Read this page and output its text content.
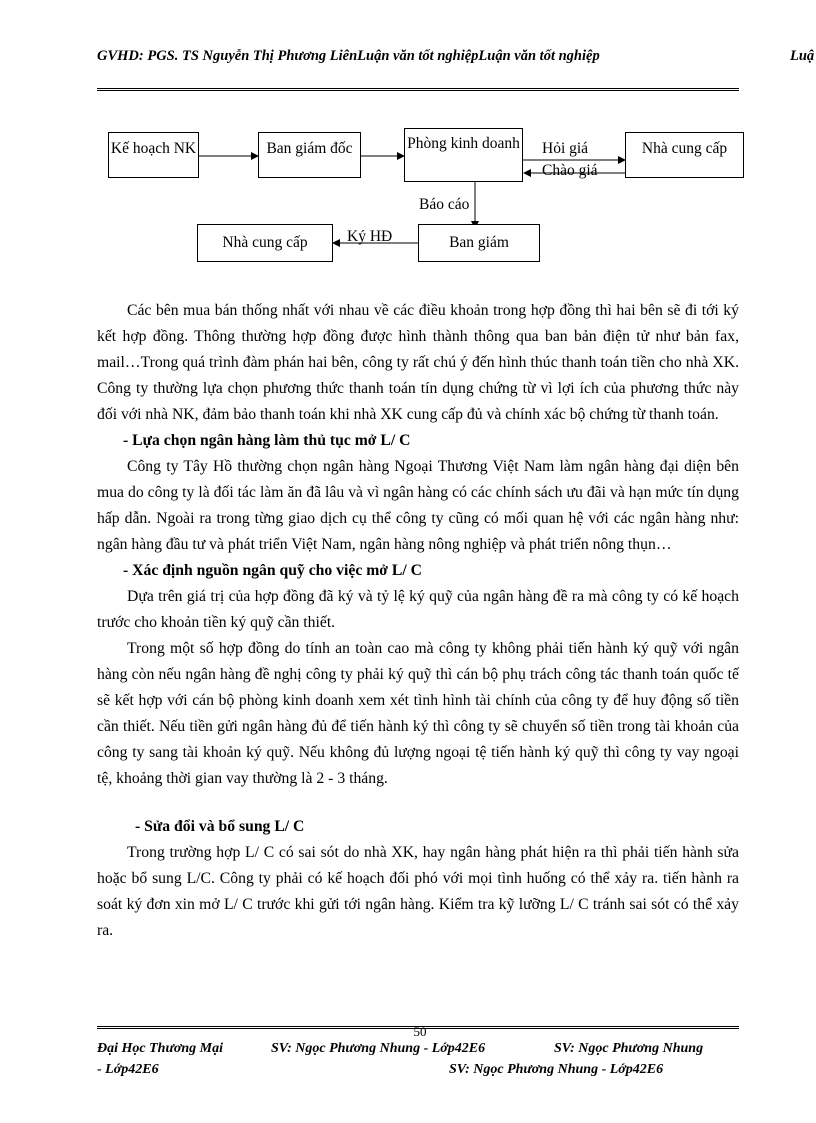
GVHD: PGS. TS Nguyễn Thị Phương LiênLuận văn tốt nghiệpLuận văn tốt nghiệp	Luậ
Kế hoạch NK	Ban giám đốc	Phòng kinh doanh	Nhà cung cấp
Nhà cung cấp	Ban giám
Hỏi giá
Chào giá
Báo cáo
Ký HĐ

Các bên mua bán thống nhất với nhau về các điều khoản trong hợp đồng thì hai bên sẽ đi tới ký kết hợp đồng. Thông thường hợp đồng được hình thành thông qua ban bản điện tử như bản fax, mail…Trong quá trình đàm phán hai bên, công ty rất chú ý đến hình thúc thanh toán tiền cho nhà XK. Công ty thường lựa chọn phương thức thanh toán tín dụng chứng từ vì lợi ích của phương thức này đối với nhà NK, đảm bảo thanh toán khi nhà XK cung cấp đủ và chính xác bộ chứng từ thanh toán.

- Lựa chọn ngân hàng làm thủ tục mở L/ C

Công ty Tây Hồ thường chọn ngân hàng Ngoại Thương Việt Nam làm ngân hàng đại diện bên mua do công ty là đối tác làm ăn đã lâu và vì ngân hàng có các chính sách ưu đãi và hạn mức tín dụng hấp dẫn. Ngoài ra trong từng giao dịch cụ thể công ty cũng có mối quan hệ với các ngân hàng như: ngân hàng đầu tư và phát triển Việt Nam, ngân hàng nông nghiệp và phát triển nông thụn…

- Xác định nguồn ngân quỹ cho việc mở L/ C

Dựa trên giá trị của hợp đồng đã ký và tỷ lệ ký quỹ của ngân hàng đề ra mà công ty có kế hoạch trước cho khoản tiền ký quỹ cần thiết.

Trong một số hợp đồng do tính an toàn cao mà công ty không phải tiến hành ký quỹ với ngân hàng còn nếu ngân hàng đề nghị công ty phải ký quỹ thì cán bộ phụ trách công tác thanh toán quốc tế sẽ kết hợp với cán bộ phòng kinh doanh xem xét tình hình tài chính của công ty để huy động số tiền cần thiết. Nếu tiền gửi ngân hàng đủ để tiến hành ký thì công ty sẽ chuyển số tiền trong tài khoản của công ty sang tài khoản ký quỹ. Nếu không đủ lượng ngoại tệ tiến hành ký quỹ thì công ty vay ngoại tệ, khoảng thời gian vay thường là 2 - 3 tháng.

- Sửa đổi và bổ sung L/ C

Trong trường hợp L/ C có sai sót do nhà XK, hay ngân hàng phát hiện ra thì phải tiến hành sửa hoặc bổ sung L/C. Công ty phải có kế hoạch đối phó với mọi tình huống có thể xảy ra. tiến hành ra soát ký đơn xin mở L/ C trước khi gửi tới ngân hàng. Kiểm tra kỹ lưỡng L/ C tránh sai sót có thể xảy ra.

50
Đại Học Thương Mại	SV: Ngọc Phương Nhung - Lớp42E6	SV: Ngọc Phương Nhung
- Lớp42E6	SV: Ngọc Phương Nhung - Lớp42E6
